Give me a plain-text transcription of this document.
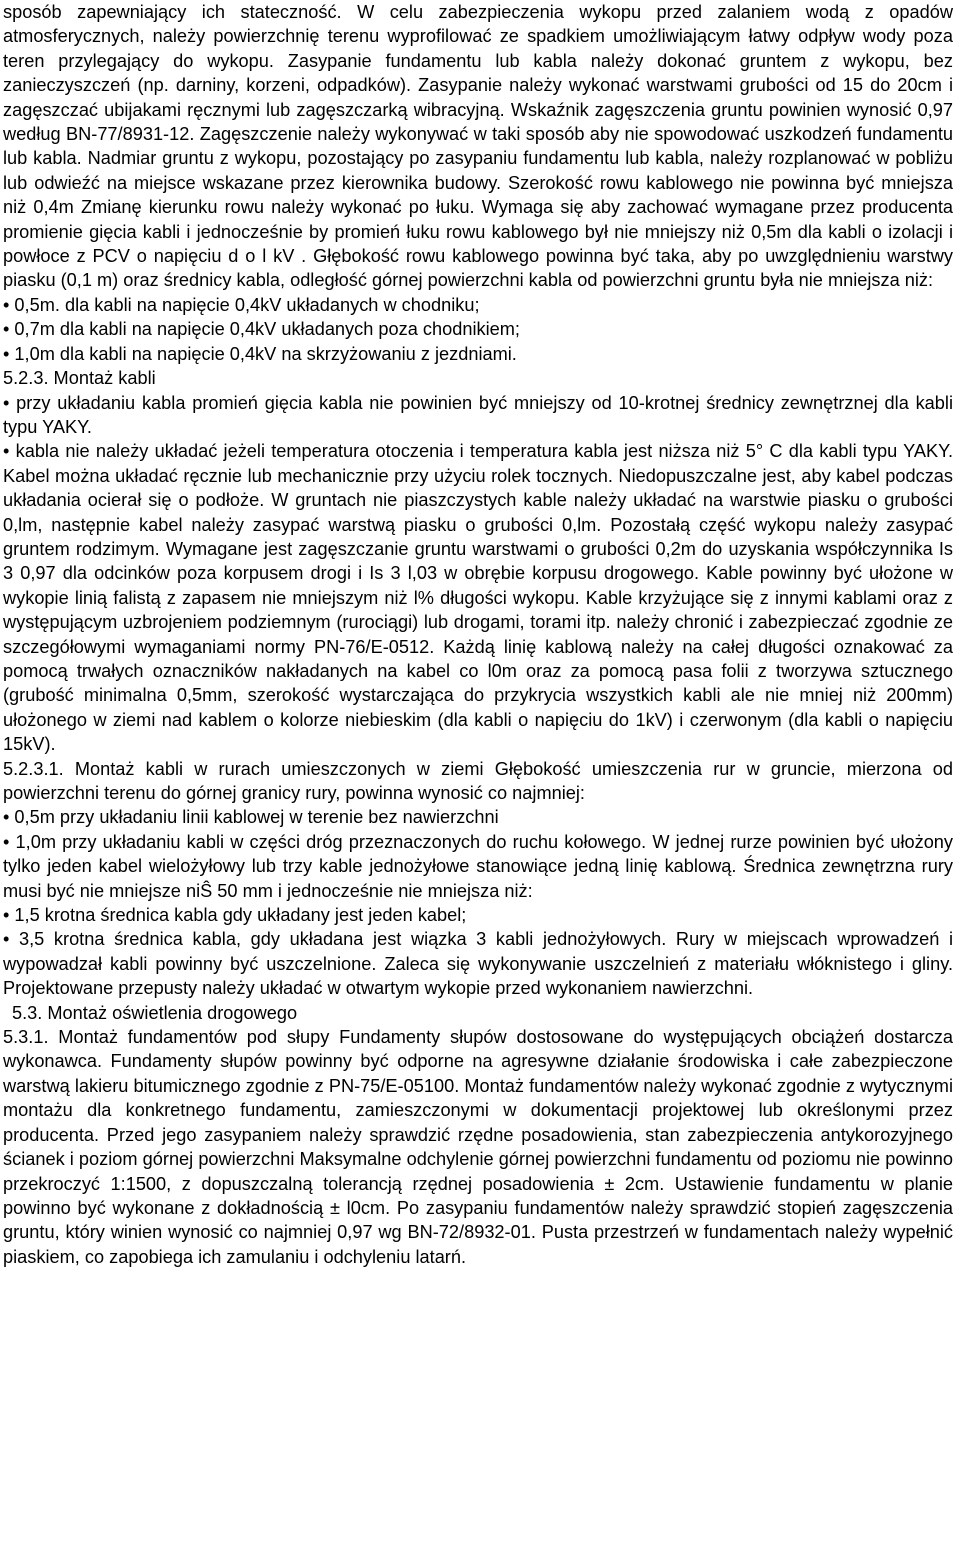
sposób zapewniający ich stateczność. W celu zabezpieczenia wykopu przed zalaniem wodą z opadów atmosferycznych, należy powierzchnię terenu wyprofilować ze spadkiem umożliwiającym łatwy odpływ wody poza teren przylegający do wykopu. Zasypanie fundamentu lub kabla należy dokonać gruntem z wykopu, bez zanieczyszczeń (np. darniny, korzeni, odpadków). Zasypanie należy wykonać warstwami grubości od 15 do 20cm i zagęszczać ubijakami ręcznymi lub zagęszczarką wibracyjną. Wskaźnik zagęszczenia gruntu powinien wynosić 0,97 według BN-77/8931-12. Zagęszczenie należy wykonywać w taki sposób aby nie spowodować uszkodzeń fundamentu lub kabla. Nadmiar gruntu z wykopu, pozostający po zasypaniu fundamentu lub kabla, należy rozplanować w pobliżu lub odwieźć na miejsce wskazane przez kierownika budowy. Szerokość rowu kablowego nie powinna być mniejsza niż 0,4m Zmianę kierunku rowu należy wykonać po łuku. Wymaga się aby zachować wymagane przez producenta promienie gięcia kabli i jednocześnie by promień łuku rowu kablowego był nie mniejszy niż 0,5m dla kabli o izolacji i powłoce z PCV o napięciu d o l kV . Głębokość rowu kablowego powinna być taka, aby po uwzględnieniu warstwy piasku (0,1 m) oraz średnicy kabla, odległość górnej powierzchni kabla od powierzchni gruntu była nie mniejsza niż:

• 0,5m. dla kabli na napięcie 0,4kV układanych w chodniku;

• 0,7m dla kabli na napięcie 0,4kV układanych poza chodnikiem;

• 1,0m dla kabli na napięcie 0,4kV na skrzyżowaniu z jezdniami.

5.2.3. Montaż kabli

• przy układaniu kabla promień gięcia kabla nie powinien być mniejszy od 10-krotnej średnicy zewnętrznej dla kabli typu YAKY.

• kabla nie należy układać jeżeli temperatura otoczenia i temperatura kabla jest niższa niż 5° C dla kabli typu YAKY. Kabel można układać ręcznie lub mechanicznie przy użyciu rolek tocznych. Niedopuszczalne jest, aby kabel podczas układania ocierał się o podłoże. W gruntach nie piaszczystych kable należy układać na warstwie piasku o grubości 0,lm, następnie kabel należy zasypać warstwą piasku o grubości 0,lm. Pozostałą część wykopu należy zasypać gruntem rodzimym. Wymagane jest zagęszczanie gruntu warstwami o grubości 0,2m do uzyskania współczynnika Is 3 0,97 dla odcinków poza korpusem drogi i Is 3 l,03 w obrębie korpusu drogowego. Kable powinny być ułożone w wykopie linią falistą z zapasem nie mniejszym niż l% długości wykopu. Kable krzyżujące się z innymi kablami oraz z występującym uzbrojeniem podziemnym (rurociągi) lub drogami, torami itp. należy chronić i zabezpieczać zgodnie ze szczegółowymi wymaganiami normy PN-76/E-0512. Każdą linię kablową należy na całej długości oznakować za pomocą trwałych oznaczników nakładanych na kabel co l0m oraz za pomocą pasa folii z tworzywa sztucznego (grubość minimalna 0,5mm, szerokość wystarczająca do przykrycia wszystkich kabli ale nie mniej niż 200mm) ułożonego w ziemi nad kablem o kolorze niebieskim (dla kabli o napięciu do 1kV) i czerwonym (dla kabli o napięciu 15kV).

5.2.3.1. Montaż kabli w rurach umieszczonych w ziemi Głębokość umieszczenia rur w gruncie, mierzona od powierzchni terenu do górnej granicy rury, powinna wynosić co najmniej:

• 0,5m przy układaniu linii kablowej w terenie bez nawierzchni

• 1,0m przy układaniu kabli w części dróg przeznaczonych do ruchu kołowego. W jednej rurze powinien być ułożony tylko jeden kabel wielożyłowy lub trzy kable jednożyłowe stanowiące jedną linię kablową. Średnica zewnętrzna rury musi być nie mniejsze niŜ 50 mm i jednocześnie nie mniejsza niż:

• 1,5 krotna średnica kabla gdy układany jest jeden kabel;

• 3,5 krotna średnica kabla, gdy układana jest wiązka 3 kabli jednożyłowych. Rury w miejscach wprowadzeń i wypowadzał kabli powinny być uszczelnione. Zaleca się wykonywanie uszczelnień z materiału włóknistego i gliny. Projektowane przepusty należy układać w otwartym wykopie przed wykonaniem nawierzchni.

5.3. Montaż oświetlenia drogowego

5.3.1. Montaż fundamentów pod słupy Fundamenty słupów dostosowane do występujących obciążeń dostarcza wykonawca. Fundamenty słupów powinny być odporne na agresywne działanie środowiska i całe zabezpieczone warstwą lakieru bitumicznego zgodnie z PN-75/E-05100. Montaż fundamentów należy wykonać zgodnie z wytycznymi montażu dla konkretnego fundamentu, zamieszczonymi w dokumentacji projektowej lub określonymi przez producenta. Przed jego zasypaniem należy sprawdzić rzędne posadowienia, stan zabezpieczenia antykorozyjnego ścianek i poziom górnej powierzchni Maksymalne odchylenie górnej powierzchni fundamentu od poziomu nie powinno przekroczyć 1:1500, z dopuszczalną tolerancją rzędnej posadowienia ± 2cm. Ustawienie fundamentu w planie powinno być wykonane z dokładnością ± l0cm. Po zasypaniu fundamentów należy sprawdzić stopień zagęszczenia gruntu, który winien wynosić co najmniej 0,97 wg BN-72/8932-01. Pusta przestrzeń w fundamentach należy wypełnić piaskiem, co zapobiega ich zamulaniu i odchyleniu latarń.
